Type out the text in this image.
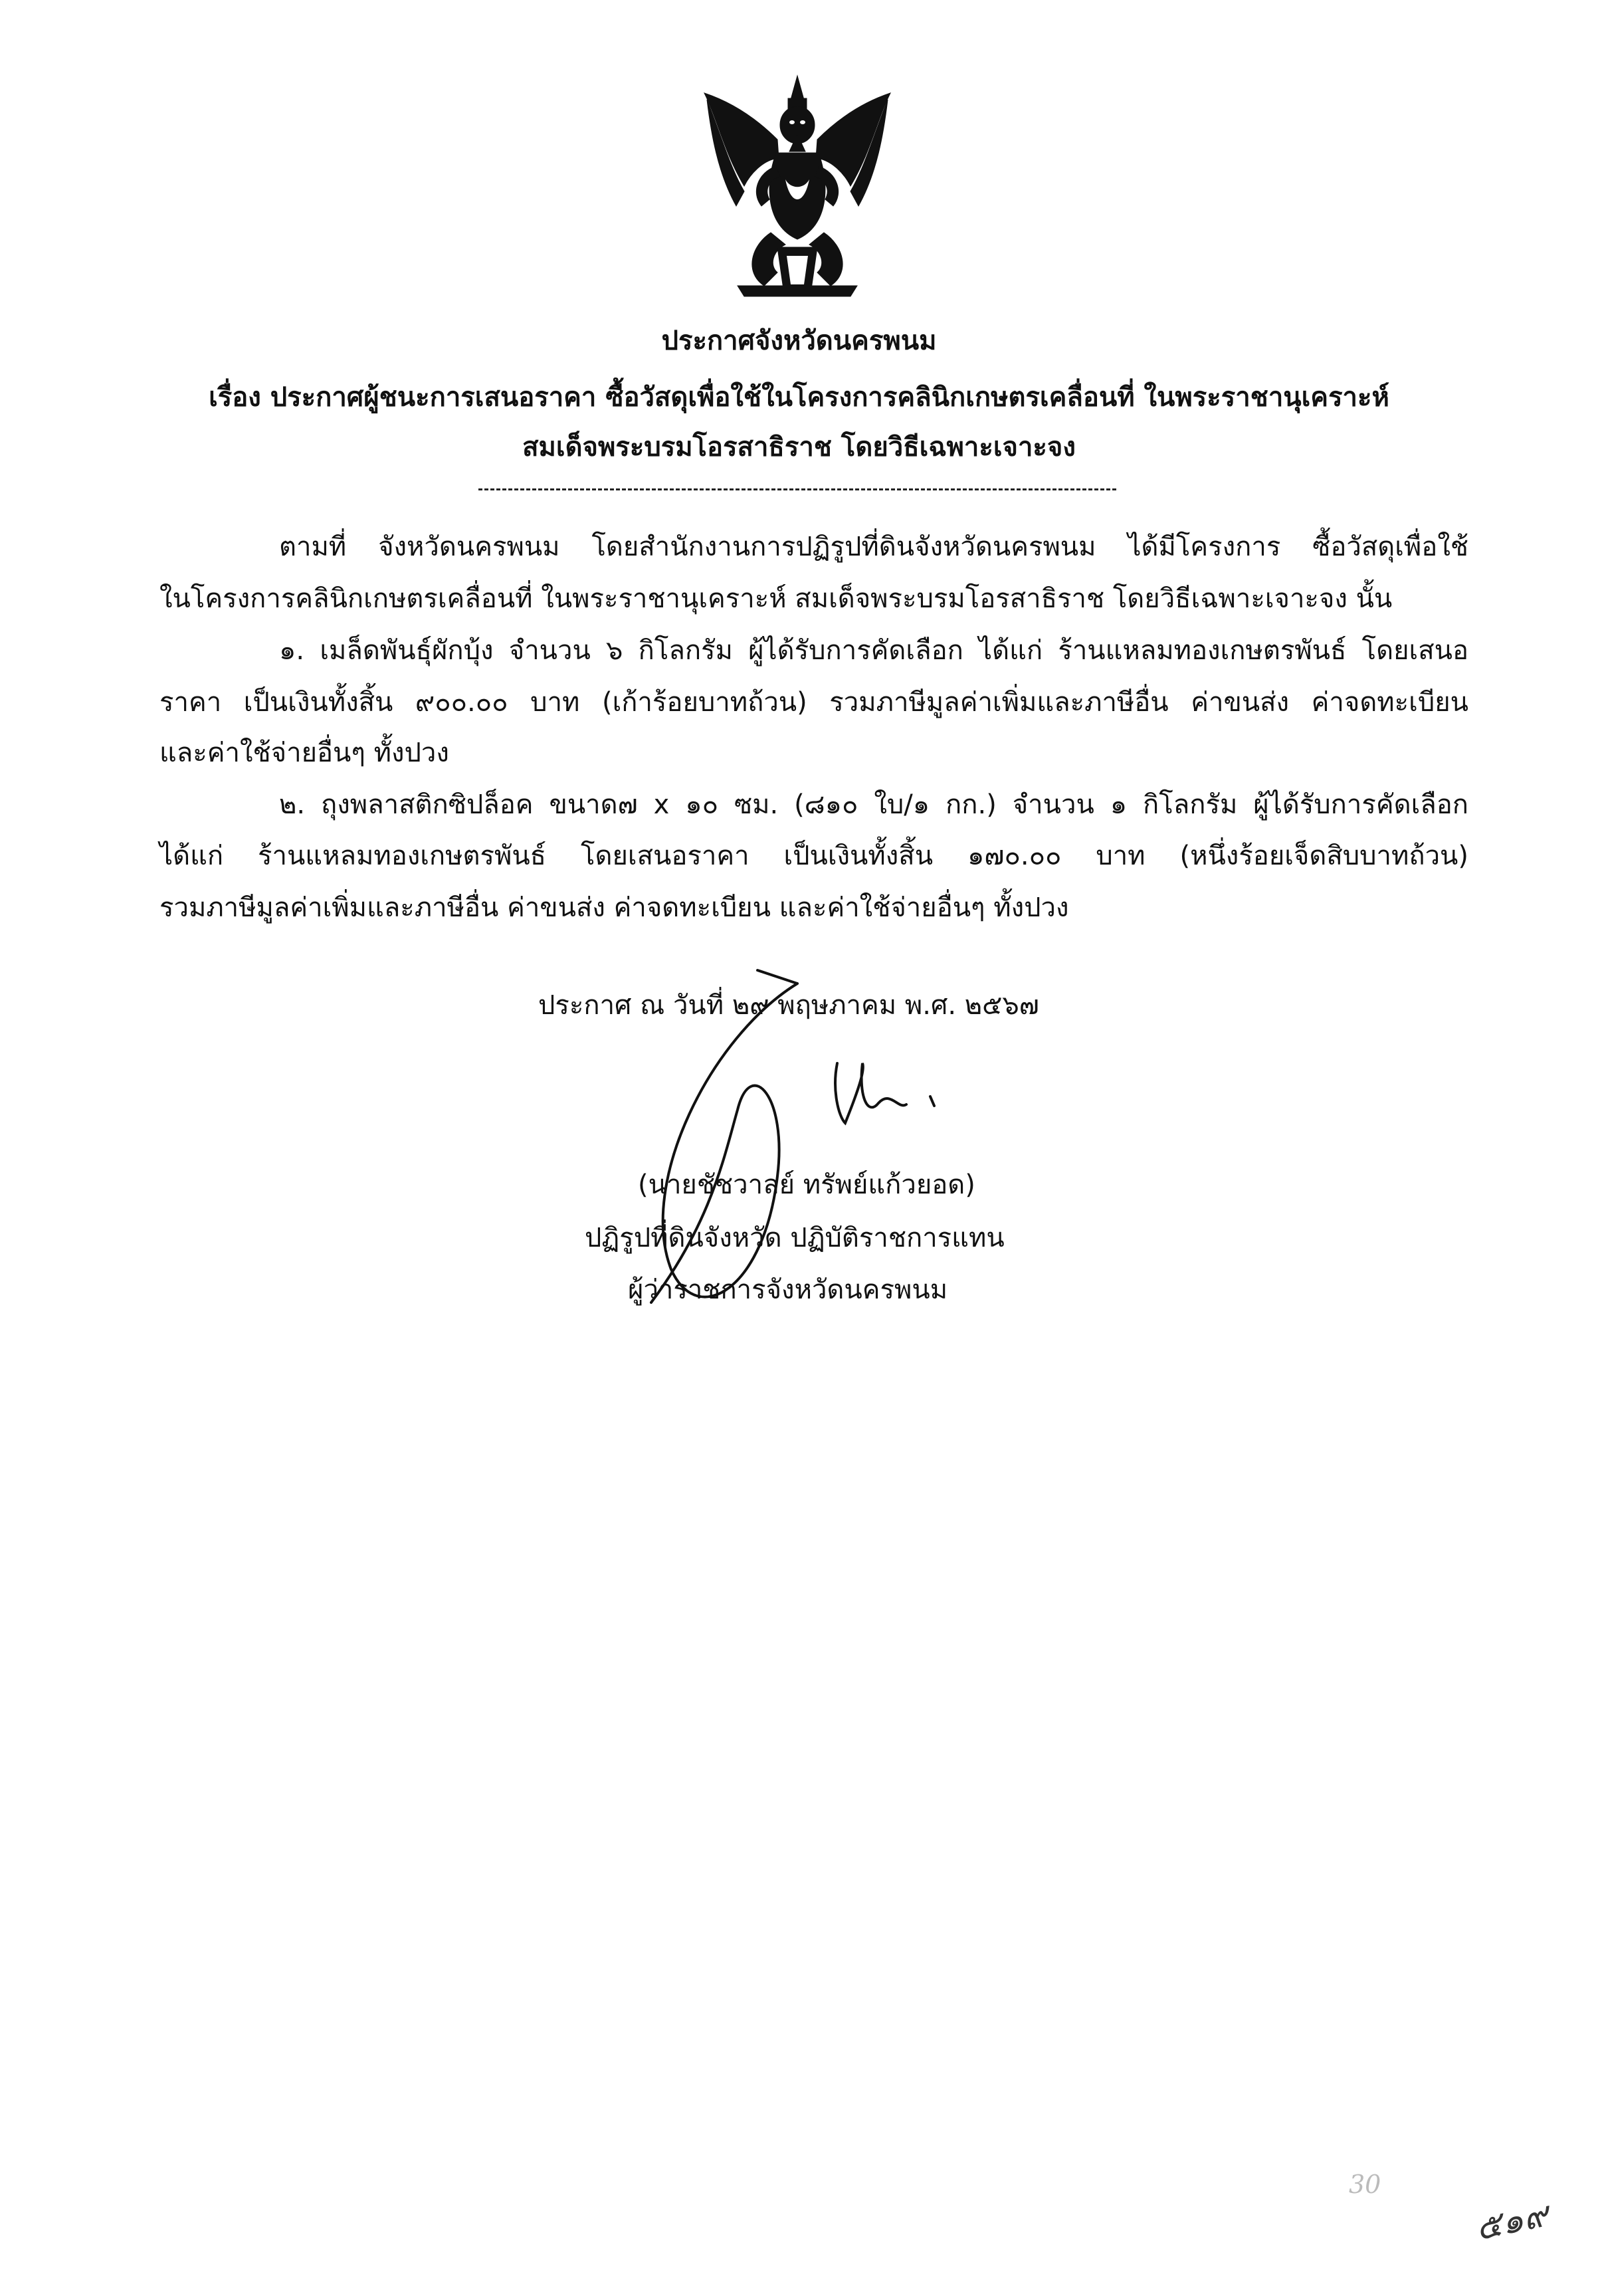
ประกาศจังหวัดนครพนม
เรื่อง ประกาศผู้ชนะการเสนอราคา ซื้อวัสดุเพื่อใช้ในโครงการคลินิกเกษตรเคลื่อนที่ ในพระราชานุเคราะห์
สมเด็จพระบรมโอรสาธิราช โดยวิธีเฉพาะเจาะจง
ตามที่ จังหวัดนครพนม โดยสำนักงานการปฏิรูปที่ดินจังหวัดนครพนม ได้มีโครงการ ซื้อวัสดุเพื่อใช้
ในโครงการคลินิกเกษตรเคลื่อนที่ ในพระราชานุเคราะห์ สมเด็จพระบรมโอรสาธิราช โดยวิธีเฉพาะเจาะจง นั้น
๑. เมล็ดพันธุ์ผักบุ้ง จำนวน ๖ กิโลกรัม ผู้ได้รับการคัดเลือก ได้แก่ ร้านแหลมทองเกษตรพันธ์ โดยเสนอ
ราคา เป็นเงินทั้งสิ้น ๙๐๐.๐๐ บาท (เก้าร้อยบาทถ้วน) รวมภาษีมูลค่าเพิ่มและภาษีอื่น ค่าขนส่ง ค่าจดทะเบียน
และค่าใช้จ่ายอื่นๆ ทั้งปวง
๒. ถุงพลาสติกซิปล็อค ขนาด๗ x ๑๐ ซม. (๘๑๐ ใบ/๑ กก.) จำนวน ๑ กิโลกรัม ผู้ได้รับการคัดเลือก
ได้แก่ ร้านแหลมทองเกษตรพันธ์ โดยเสนอราคา เป็นเงินทั้งสิ้น ๑๗๐.๐๐ บาท (หนึ่งร้อยเจ็ดสิบบาทถ้วน)
รวมภาษีมูลค่าเพิ่มและภาษีอื่น ค่าขนส่ง ค่าจดทะเบียน และค่าใช้จ่ายอื่นๆ ทั้งปวง
ประกาศ ณ วันที่ ๒๙ พฤษภาคม พ.ศ. ๒๕๖๗
(นายชัชวาลย์ ทรัพย์แก้วยอด)
ปฏิรูปที่ดินจังหวัด ปฏิบัติราชการแทน
ผู้ว่าราชการจังหวัดนครพนม
30
๕๑๙
